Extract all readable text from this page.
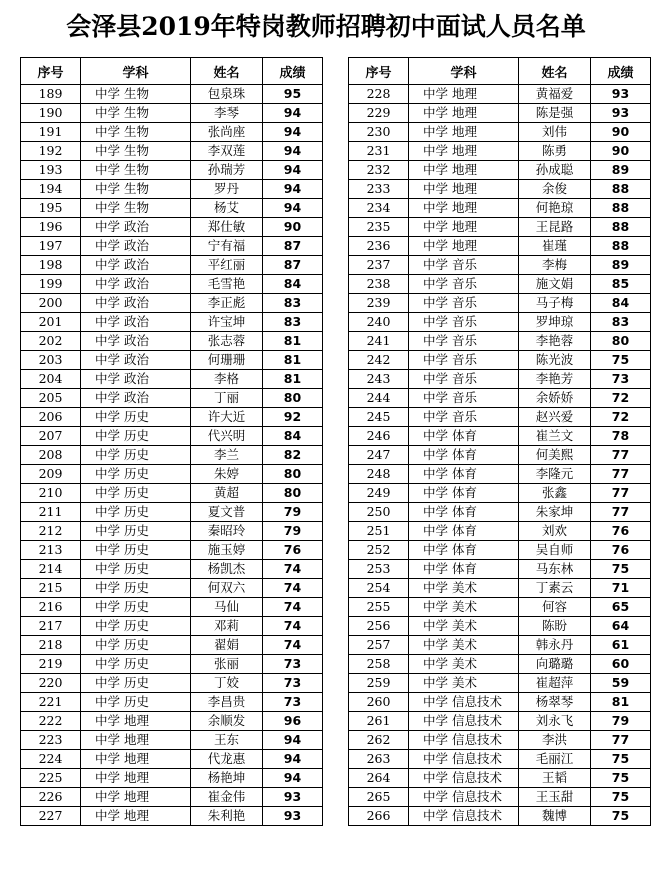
会泽县2019年特岗教师招聘初中面试人员名单
序号	学科	姓名	成绩
189	中学 生物	包泉珠	95
190	中学 生物	李琴	94
191	中学 生物	张尚座	94
192	中学 生物	李双莲	94
193	中学 生物	孙瑞芳	94
194	中学 生物	罗丹	94
195	中学 生物	杨艾	94
196	中学 政治	郑仕敏	90
197	中学 政治	宁有福	87
198	中学 政治	平红丽	87
199	中学 政治	毛雪艳	84
200	中学 政治	李正彪	83
201	中学 政治	许宝坤	83
202	中学 政治	张志蓉	81
203	中学 政治	何珊珊	81
204	中学 政治	李格	81
205	中学 政治	丁丽	80
206	中学 历史	许大近	92
207	中学 历史	代兴明	84
208	中学 历史	李兰	82
209	中学 历史	朱婷	80
210	中学 历史	黄超	80
211	中学 历史	夏文普	79
212	中学 历史	秦昭玲	79
213	中学 历史	施玉婷	76
214	中学 历史	杨凯杰	74
215	中学 历史	何双六	74
216	中学 历史	马仙	74
217	中学 历史	邓莉	74
218	中学 历史	翟娟	74
219	中学 历史	张丽	73
220	中学 历史	丁姣	73
221	中学 历史	李昌贵	73
222	中学 地理	余顺发	96
223	中学 地理	王东	94
224	中学 地理	代龙惠	94
225	中学 地理	杨艳坤	94
226	中学 地理	崔金伟	93
227	中学 地理	朱利艳	93
序号	学科	姓名	成绩
228	中学 地理	黄福爱	93
229	中学 地理	陈是强	93
230	中学 地理	刘伟	90
231	中学 地理	陈勇	90
232	中学 地理	孙成聪	89
233	中学 地理	余俊	88
234	中学 地理	何艳琼	88
235	中学 地理	王昆路	88
236	中学 地理	崔瑾	88
237	中学 音乐	李梅	89
238	中学 音乐	施文娟	85
239	中学 音乐	马子梅	84
240	中学 音乐	罗坤琼	83
241	中学 音乐	李艳蓉	80
242	中学 音乐	陈光波	75
243	中学 音乐	李艳芳	73
244	中学 音乐	余娇娇	72
245	中学 音乐	赵兴爱	72
246	中学 体育	崔兰文	78
247	中学 体育	何美熙	77
248	中学 体育	李隆元	77
249	中学 体育	张鑫	77
250	中学 体育	朱家坤	77
251	中学 体育	刘欢	76
252	中学 体育	吴自师	76
253	中学 体育	马东林	75
254	中学 美术	丁素云	71
255	中学 美术	何容	65
256	中学 美术	陈盼	64
257	中学 美术	韩永丹	61
258	中学 美术	向璐璐	60
259	中学 美术	崔超萍	59
260	中学 信息技术	杨翠琴	81
261	中学 信息技术	刘永飞	79
262	中学 信息技术	李洪	77
263	中学 信息技术	毛丽江	75
264	中学 信息技术	王韬	75
265	中学 信息技术	王玉甜	75
266	中学 信息技术	魏博	75
